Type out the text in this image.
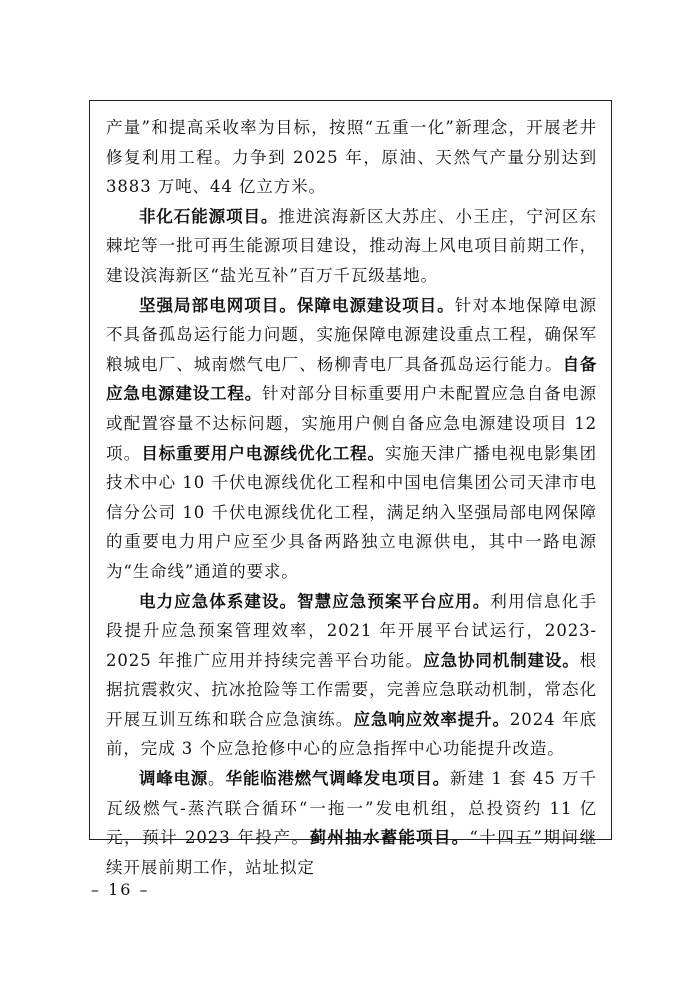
产量”和提高采收率为目标，按照“五重一化”新理念，开展老井修复利用工程。力争到 2025 年，原油、天然气产量分别达到 3883 万吨、44 亿立方米。

非化石能源项目。推进滨海新区大苏庄、小王庄，宁河区东棘坨等一批可再生能源项目建设，推动海上风电项目前期工作，建设滨海新区“盐光互补”百万千瓦级基地。

坚强局部电网项目。保障电源建设项目。针对本地保障电源不具备孤岛运行能力问题，实施保障电源建设重点工程，确保军粮城电厂、城南燃气电厂、杨柳青电厂具备孤岛运行能力。自备应急电源建设工程。针对部分目标重要用户未配置应急自备电源或配置容量不达标问题，实施用户侧自备应急电源建设项目 12 项。目标重要用户电源线优化工程。实施天津广播电视电影集团技术中心 10 千伏电源线优化工程和中国电信集团公司天津市电信分公司 10 千伏电源线优化工程，满足纳入坚强局部电网保障的重要电力用户应至少具备两路独立电源供电，其中一路电源为“生命线”通道的要求。

电力应急体系建设。智慧应急预案平台应用。利用信息化手段提升应急预案管理效率，2021 年开展平台试运行，2023-2025 年推广应用并持续完善平台功能。应急协同机制建设。根据抗震救灾、抗冰抢险等工作需要，完善应急联动机制，常态化开展互训互练和联合应急演练。应急响应效率提升。2024 年底前，完成 3 个应急抢修中心的应急指挥中心功能提升改造。

调峰电源。华能临港燃气调峰发电项目。新建 1 套 45 万千瓦级燃气-蒸汽联合循环“一拖一”发电机组，总投资约 11 亿元，预计 2023 年投产。蓟州抽水蓄能项目。“十四五”期间继续开展前期工作，站址拟定

– 16 –
